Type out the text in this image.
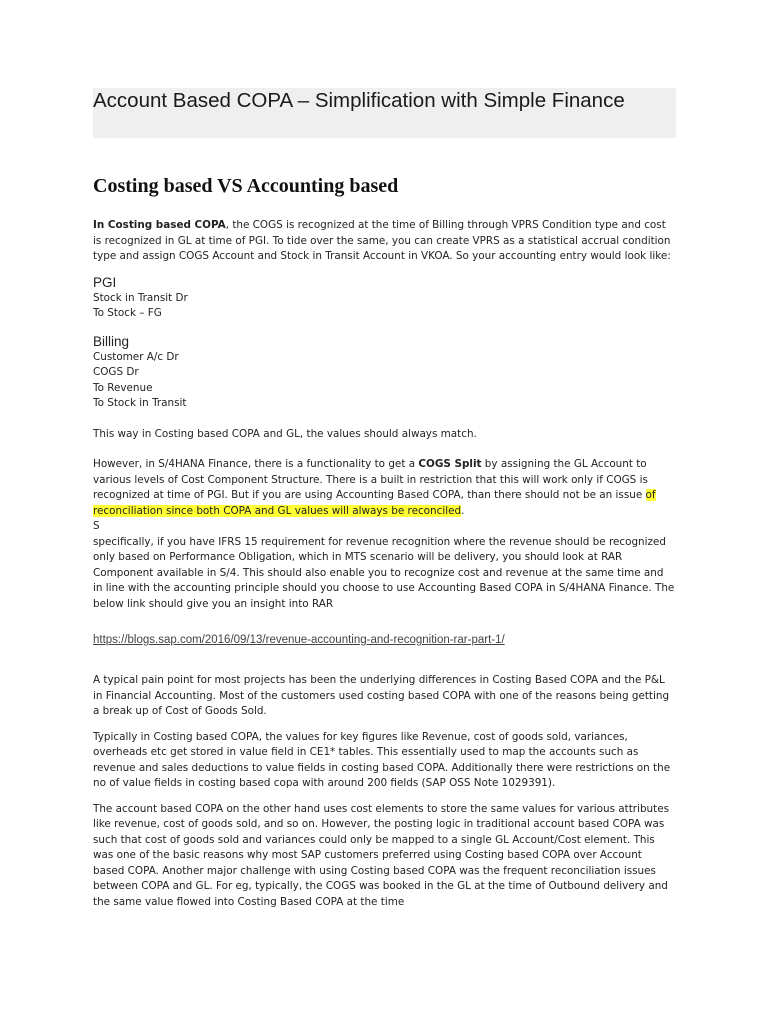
Account Based COPA – Simplification with Simple Finance
Costing based VS Accounting based

In Costing based COPA, the COGS is recognized at the time of Billing through VPRS Condition type and cost is recognized in GL at time of PGI. To tide over the same, you can create VPRS as a statistical accrual condition type and assign COGS Account and Stock in Transit Account in VKOA. So your accounting entry would look like:

PGI
Stock in Transit Dr
To Stock – FG
Billing
Customer A/c Dr
COGS Dr
To Revenue
To Stock in Transit

This way in Costing based COPA and GL, the values should always match.

However, in S/4HANA Finance, there is a functionality to get a COGS Split by assigning the GL Account to various levels of Cost Component Structure. There is a built in restriction that this will work only if COGS is recognized at time of PGI. But if you are using Accounting Based COPA, than there should not be an issue of reconciliation since both COPA and GL values will always be reconciled.
S
specifically, if you have IFRS 15 requirement for revenue recognition where the revenue should be recognized only based on Performance Obligation, which in MTS scenario will be delivery, you should look at RAR Component available in S/4. This should also enable you to recognize cost and revenue at the same time and in line with the accounting principle should you choose to use Accounting Based COPA in S/4HANA Finance. The below link should give you an insight into RAR

https://blogs.sap.com/2016/09/13/revenue-accounting-and-recognition-rar-part-1/

A typical pain point for most projects has been the underlying differences in Costing Based COPA and the P&L in Financial Accounting. Most of the customers used costing based COPA with one of the reasons being getting a break up of Cost of Goods Sold.

Typically in Costing based COPA, the values for key figures like Revenue, cost of goods sold, variances, overheads etc get stored in value field in CE1* tables. This essentially used to map the accounts such as revenue and sales deductions to value fields in costing based COPA. Additionally there were restrictions on the no of value fields in costing based copa with around 200 fields (SAP OSS Note 1029391).

The account based COPA on the other hand uses cost elements to store the same values for various attributes like revenue, cost of goods sold, and so on. However, the posting logic in traditional account based COPA was such that cost of goods sold and variances could only be mapped to a single GL Account/Cost element. This was one of the basic reasons why most SAP customers preferred using Costing based COPA over Account based COPA. Another major challenge with using Costing based COPA was the frequent reconciliation issues between COPA and GL. For eg, typically, the COGS was booked in the GL at the time of Outbound delivery and the same value flowed into Costing Based COPA at the time
